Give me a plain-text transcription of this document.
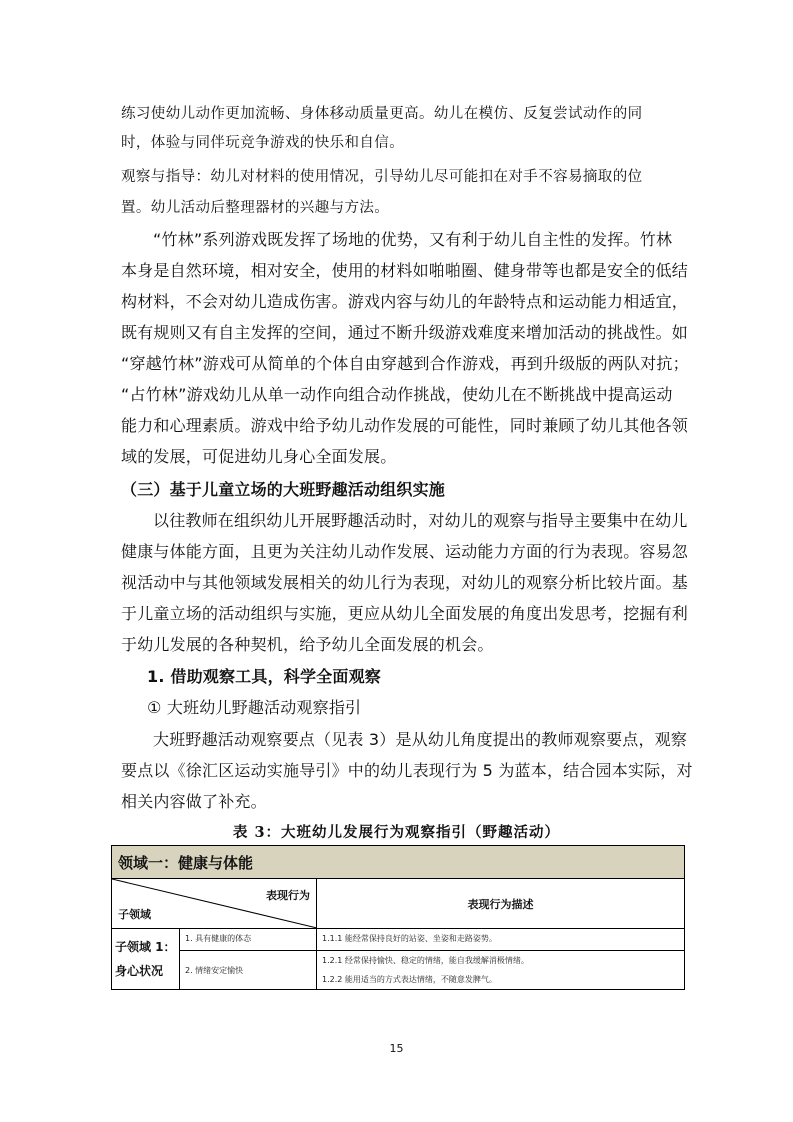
练习使幼儿动作更加流畅、身体移动质量更高。幼儿在模仿、反复尝试动作的同
时，体验与同伴玩竞争游戏的快乐和自信。
观察与指导：幼儿对材料的使用情况，引导幼儿尽可能扣在对手不容易摘取的位
置。幼儿活动后整理器材的兴趣与方法。
“竹林”系列游戏既发挥了场地的优势，又有利于幼儿自主性的发挥。竹林
本身是自然环境，相对安全，使用的材料如啪啪圈、健身带等也都是安全的低结
构材料，不会对幼儿造成伤害。游戏内容与幼儿的年龄特点和运动能力相适宜，
既有规则又有自主发挥的空间，通过不断升级游戏难度来增加活动的挑战性。如
“穿越竹林”游戏可从简单的个体自由穿越到合作游戏，再到升级版的两队对抗；
“占竹林”游戏幼儿从单一动作向组合动作挑战，使幼儿在不断挑战中提高运动
能力和心理素质。游戏中给予幼儿动作发展的可能性，同时兼顾了幼儿其他各领
域的发展，可促进幼儿身心全面发展。
（三）基于儿童立场的大班野趣活动组织实施
以往教师在组织幼儿开展野趣活动时，对幼儿的观察与指导主要集中在幼儿
健康与体能方面，且更为关注幼儿动作发展、运动能力方面的行为表现。容易忽
视活动中与其他领域发展相关的幼儿行为表现，对幼儿的观察分析比较片面。基
于儿童立场的活动组织与实施，更应从幼儿全面发展的角度出发思考，挖掘有利
于幼儿发展的各种契机，给予幼儿全面发展的机会。
1. 借助观察工具，科学全面观察
① 大班幼儿野趣活动观察指引
大班野趣活动观察要点（见表 3）是从幼儿角度提出的教师观察要点，观察
要点以《徐汇区运动实施导引》中的幼儿表现行为 5 为蓝本，结合园本实际，对
相关内容做了补充。
表 3：大班幼儿发展行为观察指引（野趣活动）
领域一：健康与体能		

表现行为
子领域		表现行为描述

子领域 1：
身心状况	1. 具有健康的体态	1.1.1 能经常保持良好的站姿、坐姿和走路姿势。
	2. 情绪安定愉快	1.2.1 经常保持愉快、稳定的情绪，能自我缓解消极情绪。
1.2.2 能用适当的方式表达情绪，不随意发脾气。
15
